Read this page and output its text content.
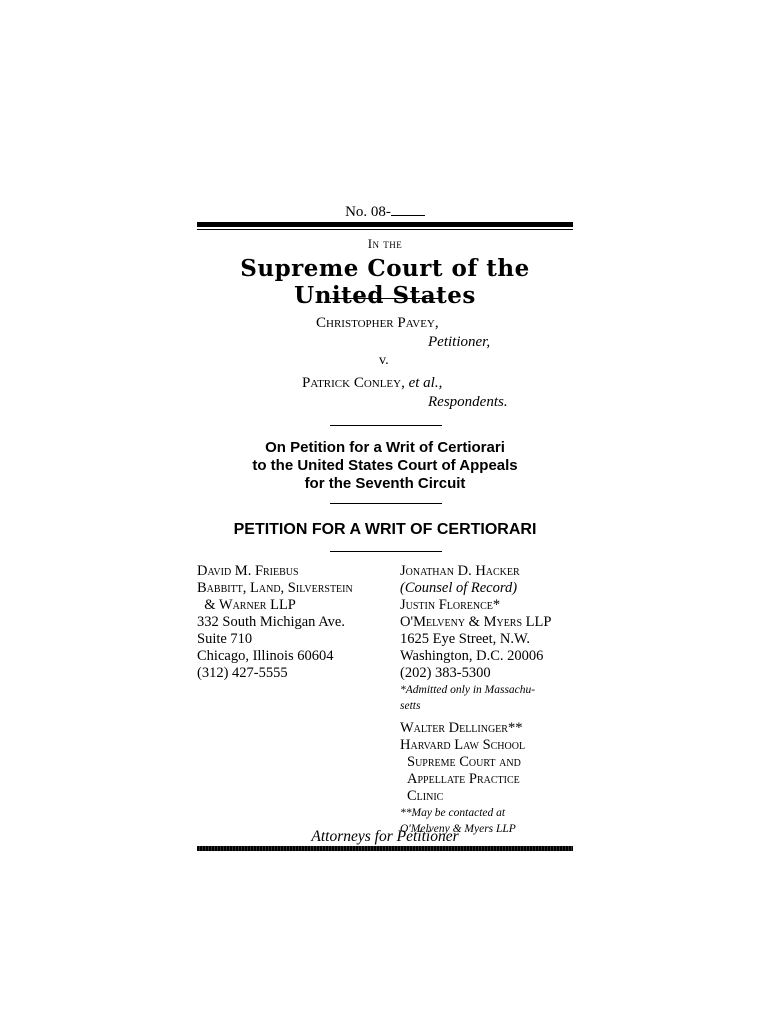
No. 08-
In the
Supreme Court of the United States
Christopher Pavey,
Petitioner,
v.
Patrick Conley, et al.,
Respondents.
On Petition for a Writ of Certiorari
to the United States Court of Appeals
for the Seventh Circuit
PETITION FOR A WRIT OF CERTIORARI
David M. Friebus
Babbitt, Land, Silverstein
& Warner LLP
332 South Michigan Ave.
Suite 710
Chicago, Illinois 60604
(312) 427-5555
Jonathan D. Hacker
(Counsel of Record)
Justin Florence*
O'Melveny & Myers LLP
1625 Eye Street, N.W.
Washington, D.C. 20006
(202) 383-5300
*Admitted only in Massachu-
setts
Walter Dellinger**
Harvard Law School
Supreme Court and
Appellate Practice
Clinic
**May be contacted at
O'Melveny & Myers LLP
Attorneys for Petitioner
